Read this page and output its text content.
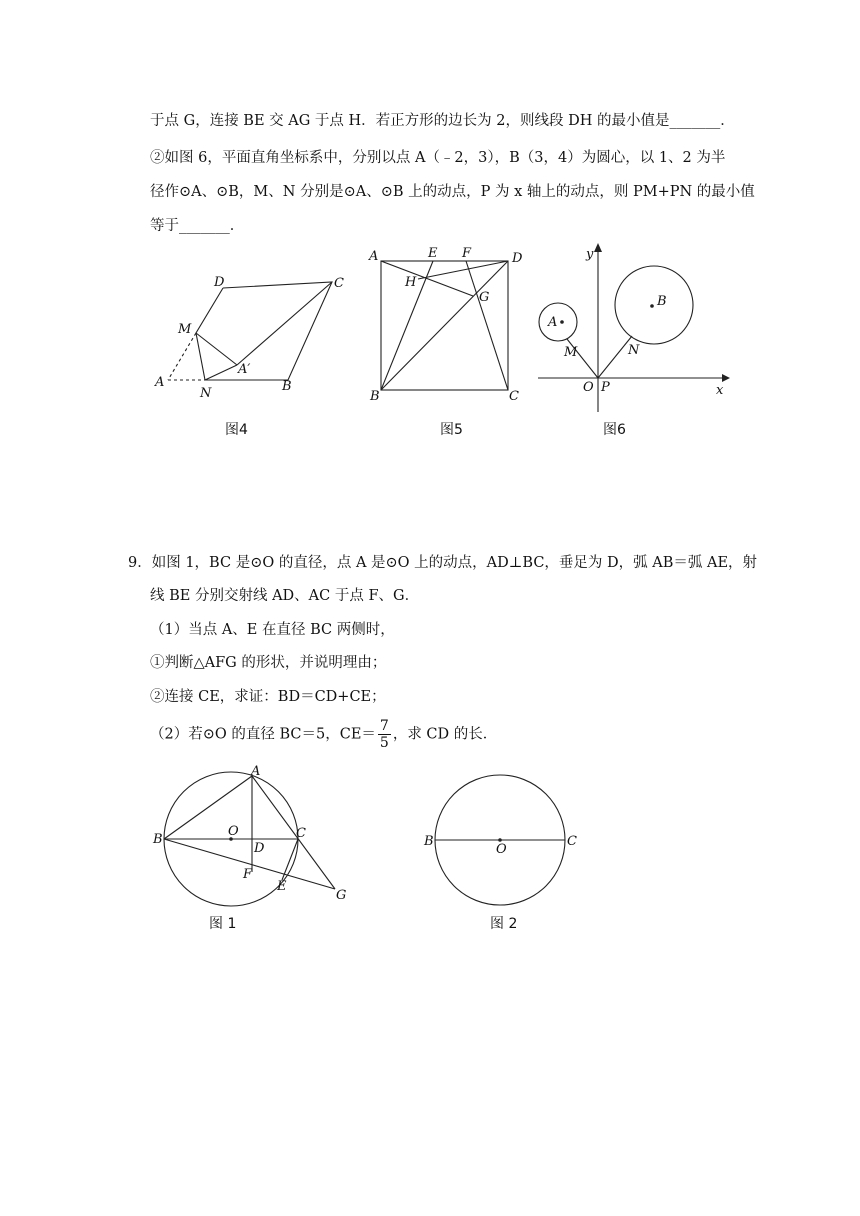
于点 G，连接 BE 交 AG 于点 H．若正方形的边长为 2，则线段 DH 的最小值是_______．
②如图 6，平面直角坐标系中，分别以点 A（﹣2，3），B（3，4）为圆心，以 1、2 为半
径作⊙A、⊙B，M、N 分别是⊙A、⊙B 上的动点，P 为 x 轴上的动点，则 PM+PN 的最小值
等于_______．
D	C
M
A
A′
N	B
图4
A	E F	D
H
G
B	C
图5
y
A
B
M	N
O P	x
图6
9．如图 1，BC 是⊙O 的直径，点 A 是⊙O 上的动点，AD⊥BC，垂足为 D，弧 AB＝弧 AE，射
线 BE 分别交射线 AD、AC 于点 F、G．
（1）当点 A、E 在直径 BC 两侧时，
①判断△AFG 的形状，并说明理由；
②连接 CE，求证：BD＝CD+CE；
（2）若⊙O 的直径 BC＝5，$CE= \frac{7}{5}$ ，求 CD 的长．
A
B
O	C
D
F
E
G
图 1
B
O
C
图 2
